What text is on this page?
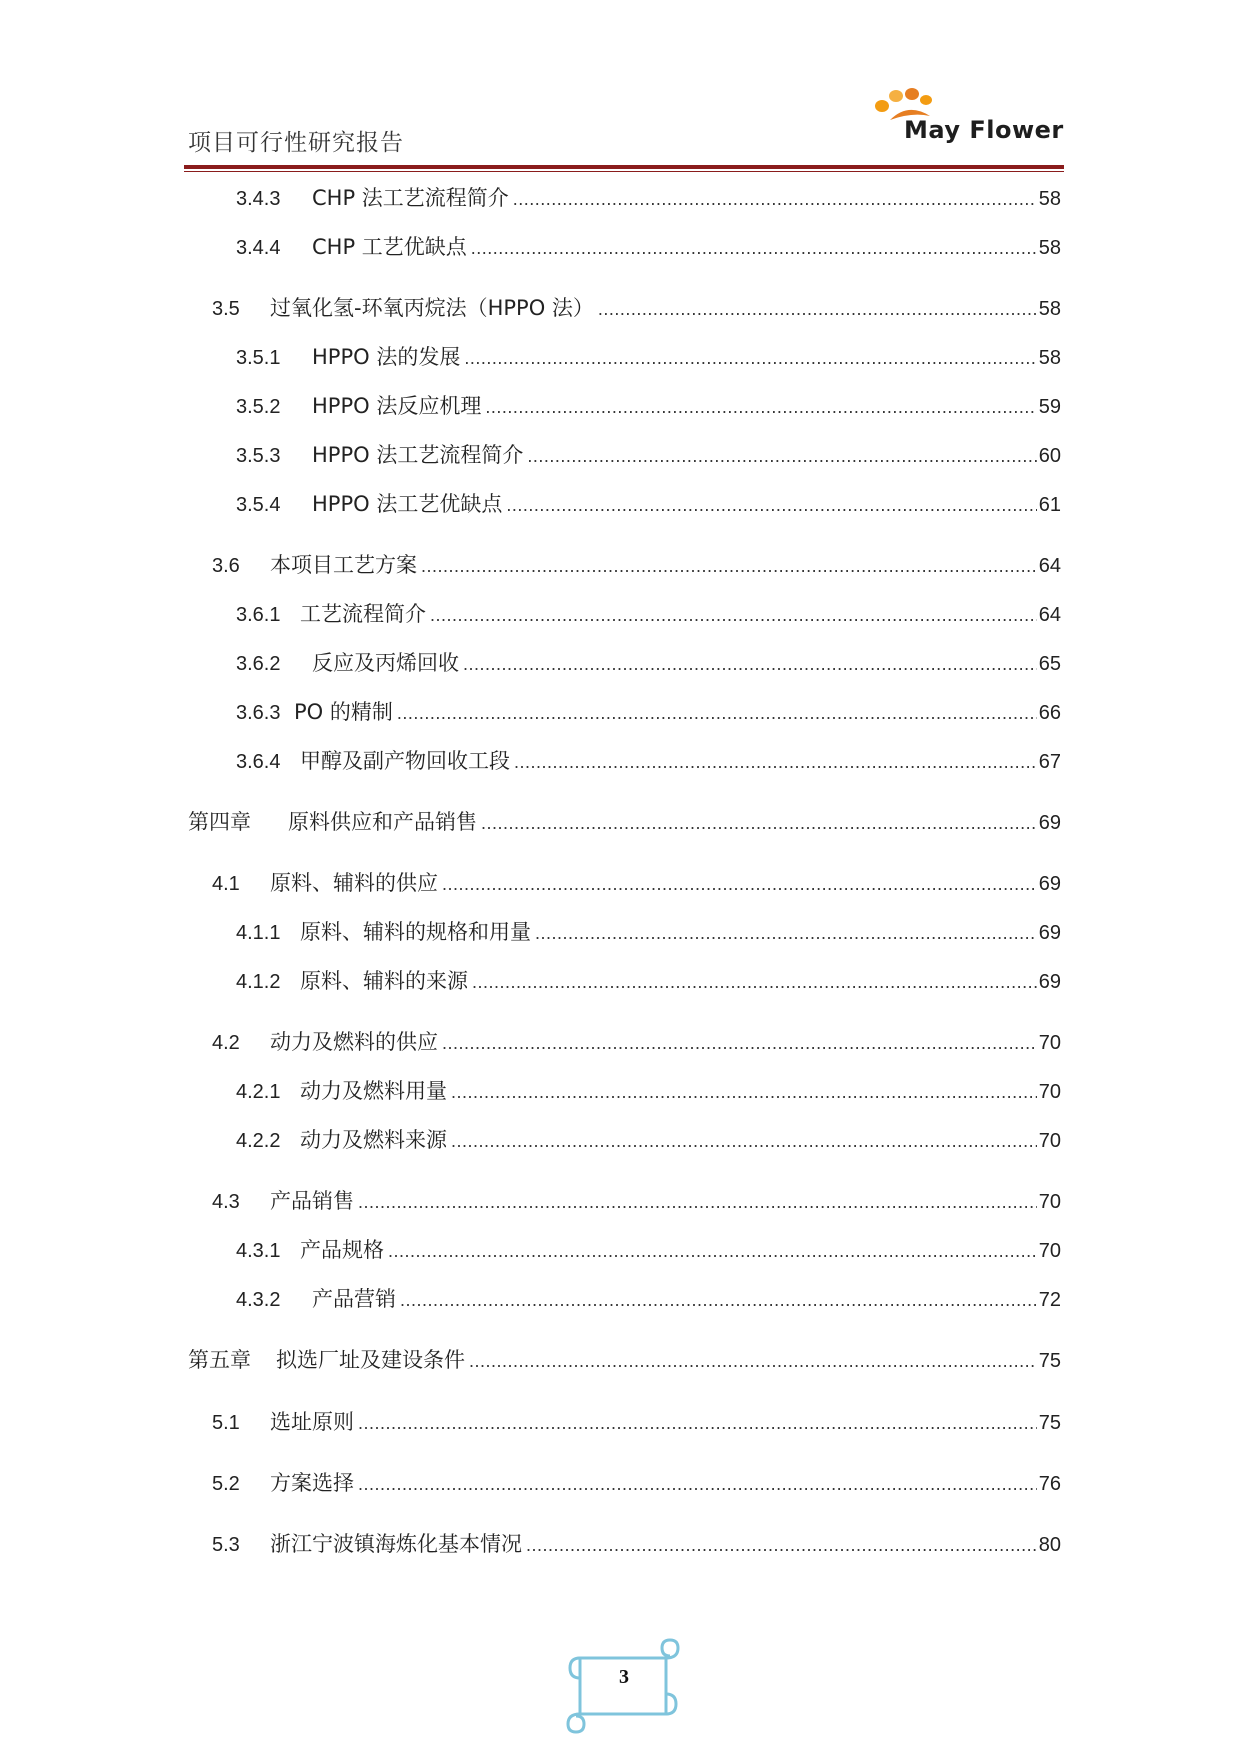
项目可行性研究报告	May Flower
3.4.3	CHP 法工艺流程简介 .....	58
3.4.4	CHP 工艺优缺点 .....	58
3.5	过氧化氢-环氧丙烷法（HPPO 法） .....	58
3.5.1	HPPO 法的发展 .....	58
3.5.2	HPPO 法反应机理 .....	59
3.5.3	HPPO 法工艺流程简介 .....	60
3.5.4	HPPO 法工艺优缺点 .....	61
3.6	本项目工艺方案 .....	64
3.6.1 工艺流程简介 .....	64
3.6.2	反应及丙烯回收 .....	65
3.6.3 PO 的精制 .....	66
3.6.4 甲醇及副产物回收工段 .....	67
第四章	原料供应和产品销售 .....	69
4.1	原料、辅料的供应 .....	69
4.1.1 原料、辅料的规格和用量 .....	69
4.1.2 原料、辅料的来源 .....	69
4.2	动力及燃料的供应 .....	70
4.2.1 动力及燃料用量 .....	70
4.2.2 动力及燃料来源 .....	70
4.3	产品销售 .....	70
4.3.1 产品规格 .....	70
4.3.2	产品营销 .....	72
第五章	拟选厂址及建设条件 .....	75
5.1	选址原则 .....	75
5.2	方案选择 .....	76
5.3	浙江宁波镇海炼化基本情况 .....	80
3
